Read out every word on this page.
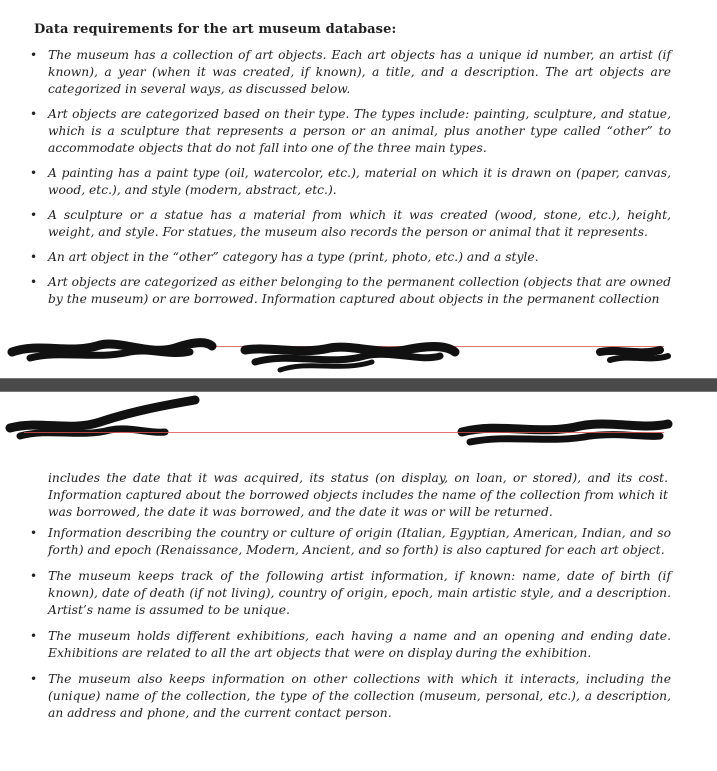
Data requirements for the art museum database:
• The museum has a collection of art objects. Each art objects has a unique id number, an artist (if known), a year (when it was created, if known), a title, and a description. The art objects are categorized in several ways, as discussed below.
• Art objects are categorized based on their type. The types include: painting, sculpture, and statue, which is a sculpture that represents a person or an animal, plus another type called “other” to accommodate objects that do not fall into one of the three main types.
• A painting has a paint type (oil, watercolor, etc.), material on which it is drawn on (paper, canvas, wood, etc.), and style (modern, abstract, etc.).
• A sculpture or a statue has a material from which it was created (wood, stone, etc.), height, weight, and style. For statues, the museum also records the person or animal that it represents.
• An art object in the “other” category has a type (print, photo, etc.) and a style.
• Art objects are categorized as either belonging to the permanent collection (objects that are owned by the museum) or are borrowed. Information captured about objects in the permanent collection
includes the date that it was acquired, its status (on display, on loan, or stored), and its cost. Information captured about the borrowed objects includes the name of the collection from which it was borrowed, the date it was borrowed, and the date it was or will be returned.
• Information describing the country or culture of origin (Italian, Egyptian, American, Indian, and so forth) and epoch (Renaissance, Modern, Ancient, and so forth) is also captured for each art object.
• The museum keeps track of the following artist information, if known: name, date of birth (if known), date of death (if not living), country of origin, epoch, main artistic style, and a description. Artist’s name is assumed to be unique.
• The museum holds different exhibitions, each having a name and an opening and ending date. Exhibitions are related to all the art objects that were on display during the exhibition.
• The museum also keeps information on other collections with which it interacts, including the (unique) name of the collection, the type of the collection (museum, personal, etc.), a description, an address and phone, and the current contact person.
